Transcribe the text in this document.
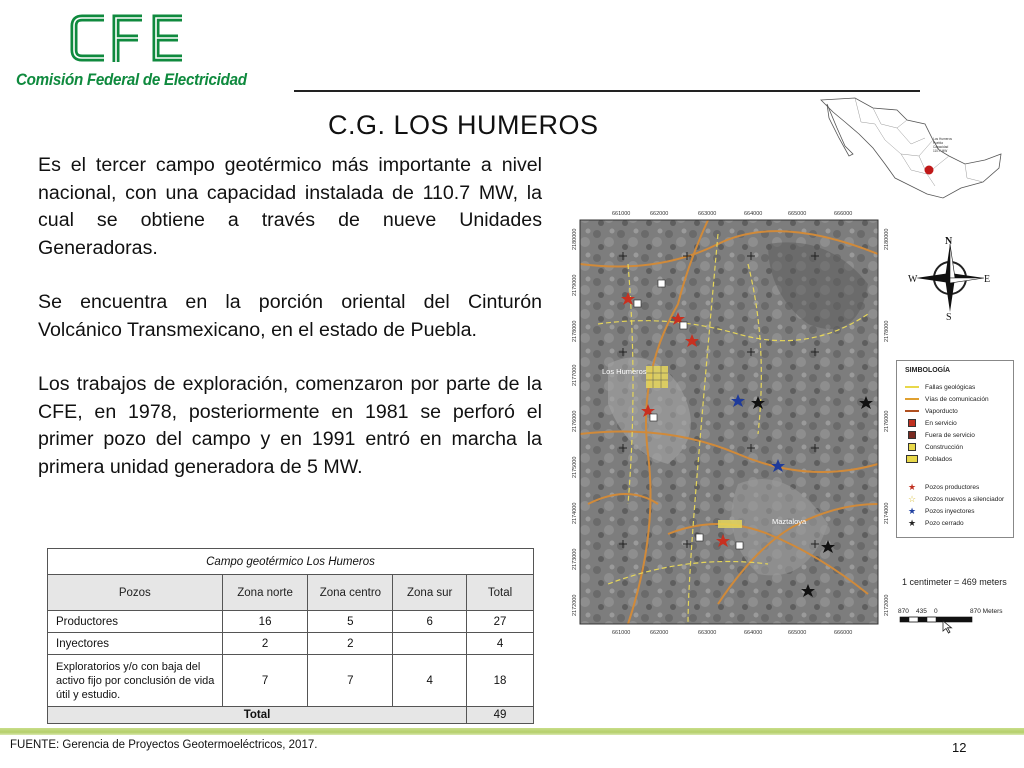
Comisión Federal de Electricidad
C.G. LOS HUMEROS	Los Humeros
Puebla
Capacidad
110.7 MW

Es el tercer campo geotérmico más importante a nivel nacional, con una capacidad instalada de 110.7 MW, la cual se obtiene a través de nueve Unidades Generadoras.

Se encuentra en la porción oriental del Cinturón Volcánico Transmexicano, en el estado de Puebla.

Los trabajos de exploración, comenzaron por parte de la CFE, en 1978, posteriormente en 1981 se perforó el primer pozo del campo y en 1991 entró en marcha la primera unidad generadora de 5 MW.

Campo geotérmico Los Humeros				
Pozos	Zona norte	Zona centro	Zona sur	Total
Productores	16	5	6	27
Inyectores	2	2		4
Exploratorios y/o con baja del activo fijo por conclusión de vida útil y estudio.	7	7	4	18
Total				49
Los Humeros
Maztaloya
661000	662000	663000	664000	665000	666000
661000	662000	663000	664000	665000	666000
2180000
2179000
2178000
2177000
2176000
2175000
2174000
2173000
2172000
2180000
2178000
2176000
2174000
2172000
N
S
W	E
SIMBOLOGÍA
Fallas geológicas
Vías de comunicación
Vaporducto
En servicio
Fuera de servicio
Construcción
Poblados
★	Pozos productores
☆	Pozos nuevos a silenciador
★	Pozos inyectores
★	Pozo cerrado
1 centimeter = 469 meters
870 435 0	870 Meters
FUENTE: Gerencia de Proyectos Geotermoeléctricos, 2017.	12
